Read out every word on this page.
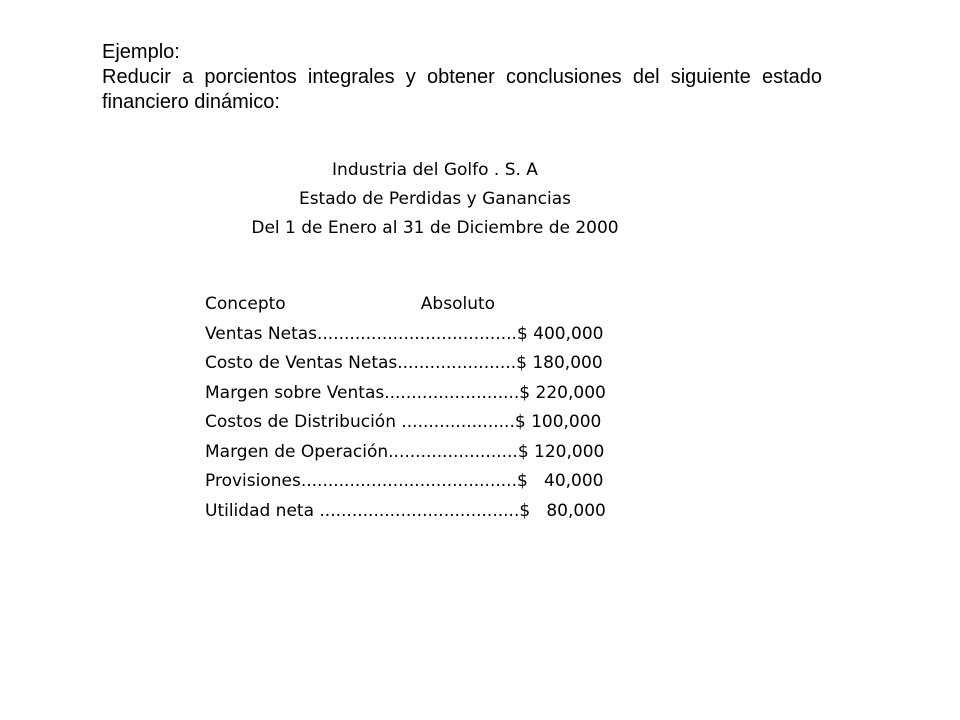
Ejemplo:
Reducir a porcientos integrales y obtener conclusiones del siguiente estado financiero dinámico:
Industria del Golfo . S. A
Estado de Perdidas y Ganancias
Del 1 de Enero al 31 de Diciembre de 2000
Concepto                         Absoluto
Ventas Netas.....................................$ 400,000
Costo de Ventas Netas......................$ 180,000
Margen sobre Ventas.........................$ 220,000
Costos de Distribución .....................$ 100,000
Margen de Operación........................$ 120,000
Provisiones........................................$   40,000
Utilidad neta .....................................$   80,000
